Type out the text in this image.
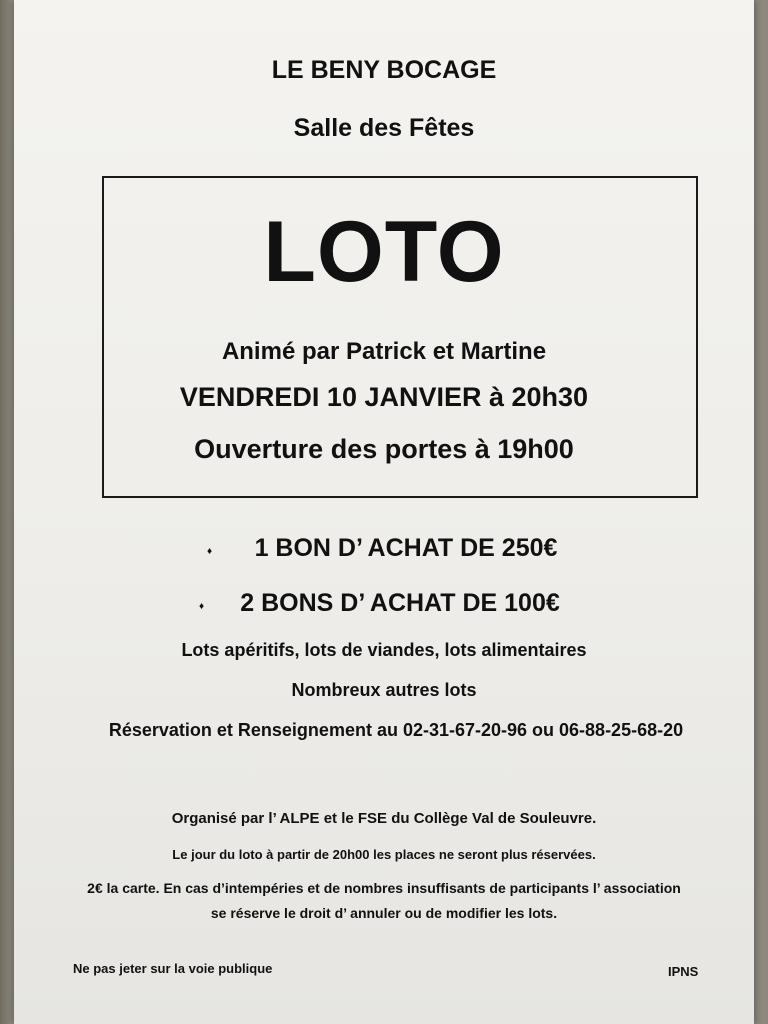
LE BENY BOCAGE
Salle des Fêtes
LOTO
Animé par Patrick et Martine
VENDREDI 10 JANVIER à 20h30
Ouverture des portes à 19h00
♦	1 BON D’ ACHAT DE 250€
♦	2 BONS D’ ACHAT DE 100€
Lots apéritifs, lots de viandes, lots alimentaires
Nombreux autres lots
Réservation et Renseignement au 02-31-67-20-96 ou 06-88-25-68-20
Organisé par l’ ALPE et le FSE du Collège Val de Souleuvre.
Le jour du loto à partir de 20h00 les places ne seront plus réservées.
2€ la carte. En cas d’intempéries et de nombres insuffisants de participants l’ association
se réserve le droit d’ annuler ou de modifier les lots.
Ne pas jeter sur la voie publique	IPNS
